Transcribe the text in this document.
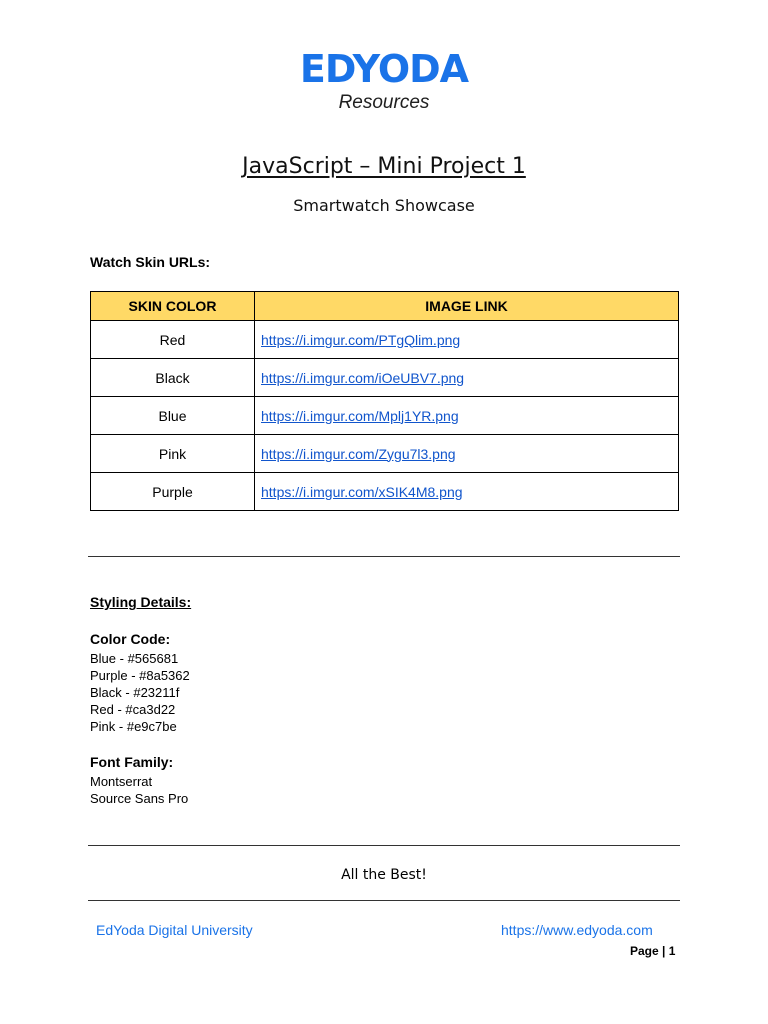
EDYODA
Resources
JavaScript – Mini Project 1
Smartwatch Showcase
Watch Skin URLs:
SKIN COLOR	IMAGE LINK
Red	https://i.imgur.com/PTgQlim.png
Black	https://i.imgur.com/iOeUBV7.png
Blue	https://i.imgur.com/Mplj1YR.png
Pink	https://i.imgur.com/Zygu7l3.png
Purple	https://i.imgur.com/xSIK4M8.png
Styling Details:
Color Code:
Blue - #565681
Purple - #8a5362
Black - #23211f
Red - #ca3d22
Pink - #e9c7be
Font Family:
Montserrat
Source Sans Pro
All the Best!
EdYoda Digital University	https://www.edyoda.com
Page | 1
